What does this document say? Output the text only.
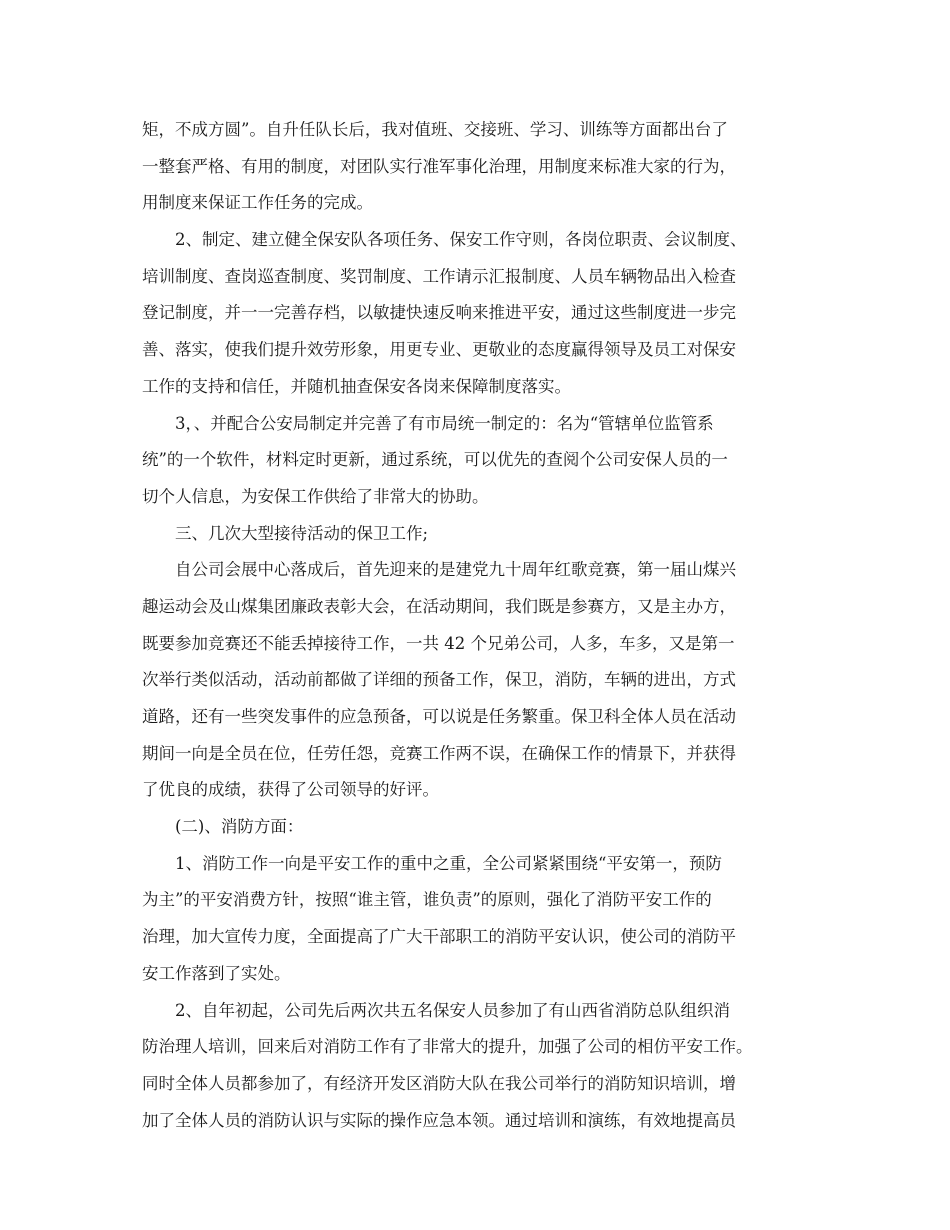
矩，不成方圆”。自升任队长后，我对值班、交接班、学习、训练等方面都出台了
一整套严格、有用的制度，对团队实行准军事化治理，用制度来标准大家的行为，
用制度来保证工作任务的完成。
2、制定、建立健全保安队各项任务、保安工作守则，各岗位职责、会议制度、
培训制度、查岗巡查制度、奖罚制度、工作请示汇报制度、人员车辆物品出入检查
登记制度，并一一完善存档，以敏捷快速反响来推进平安，通过这些制度进一步完
善、落实，使我们提升效劳形象，用更专业、更敬业的态度赢得领导及员工对保安
工作的支持和信任，并随机抽查保安各岗来保障制度落实。
3，、并配合公安局制定并完善了有市局统一制定的：名为“管辖单位监管系
统”的一个软件，材料定时更新，通过系统，可以优先的查阅个公司安保人员的一
切个人信息，为安保工作供给了非常大的协助。
三、几次大型接待活动的保卫工作;
自公司会展中心落成后，首先迎来的是建党九十周年红歌竞赛，第一届山煤兴
趣运动会及山煤集团廉政表彰大会，在活动期间，我们既是参赛方，又是主办方，
既要参加竞赛还不能丢掉接待工作，一共 42 个兄弟公司，人多，车多，又是第一
次举行类似活动，活动前都做了详细的预备工作，保卫，消防，车辆的进出，方式
道路，还有一些突发事件的应急预备，可以说是任务繁重。保卫科全体人员在活动
期间一向是全员在位，任劳任怨，竞赛工作两不误，在确保工作的情景下，并获得
了优良的成绩，获得了公司领导的好评。
(二)、消防方面：
1、消防工作一向是平安工作的重中之重，全公司紧紧围绕“平安第一，预防
为主”的平安消费方针，按照“谁主管，谁负责”的原则，强化了消防平安工作的
治理，加大宣传力度，全面提高了广大干部职工的消防平安认识，使公司的消防平
安工作落到了实处。
2、自年初起，公司先后两次共五名保安人员参加了有山西省消防总队组织消
防治理人培训，回来后对消防工作有了非常大的提升，加强了公司的相仿平安工作。
同时全体人员都参加了，有经济开发区消防大队在我公司举行的消防知识培训，增
加了全体人员的消防认识与实际的操作应急本领。通过培训和演练，有效地提高员
